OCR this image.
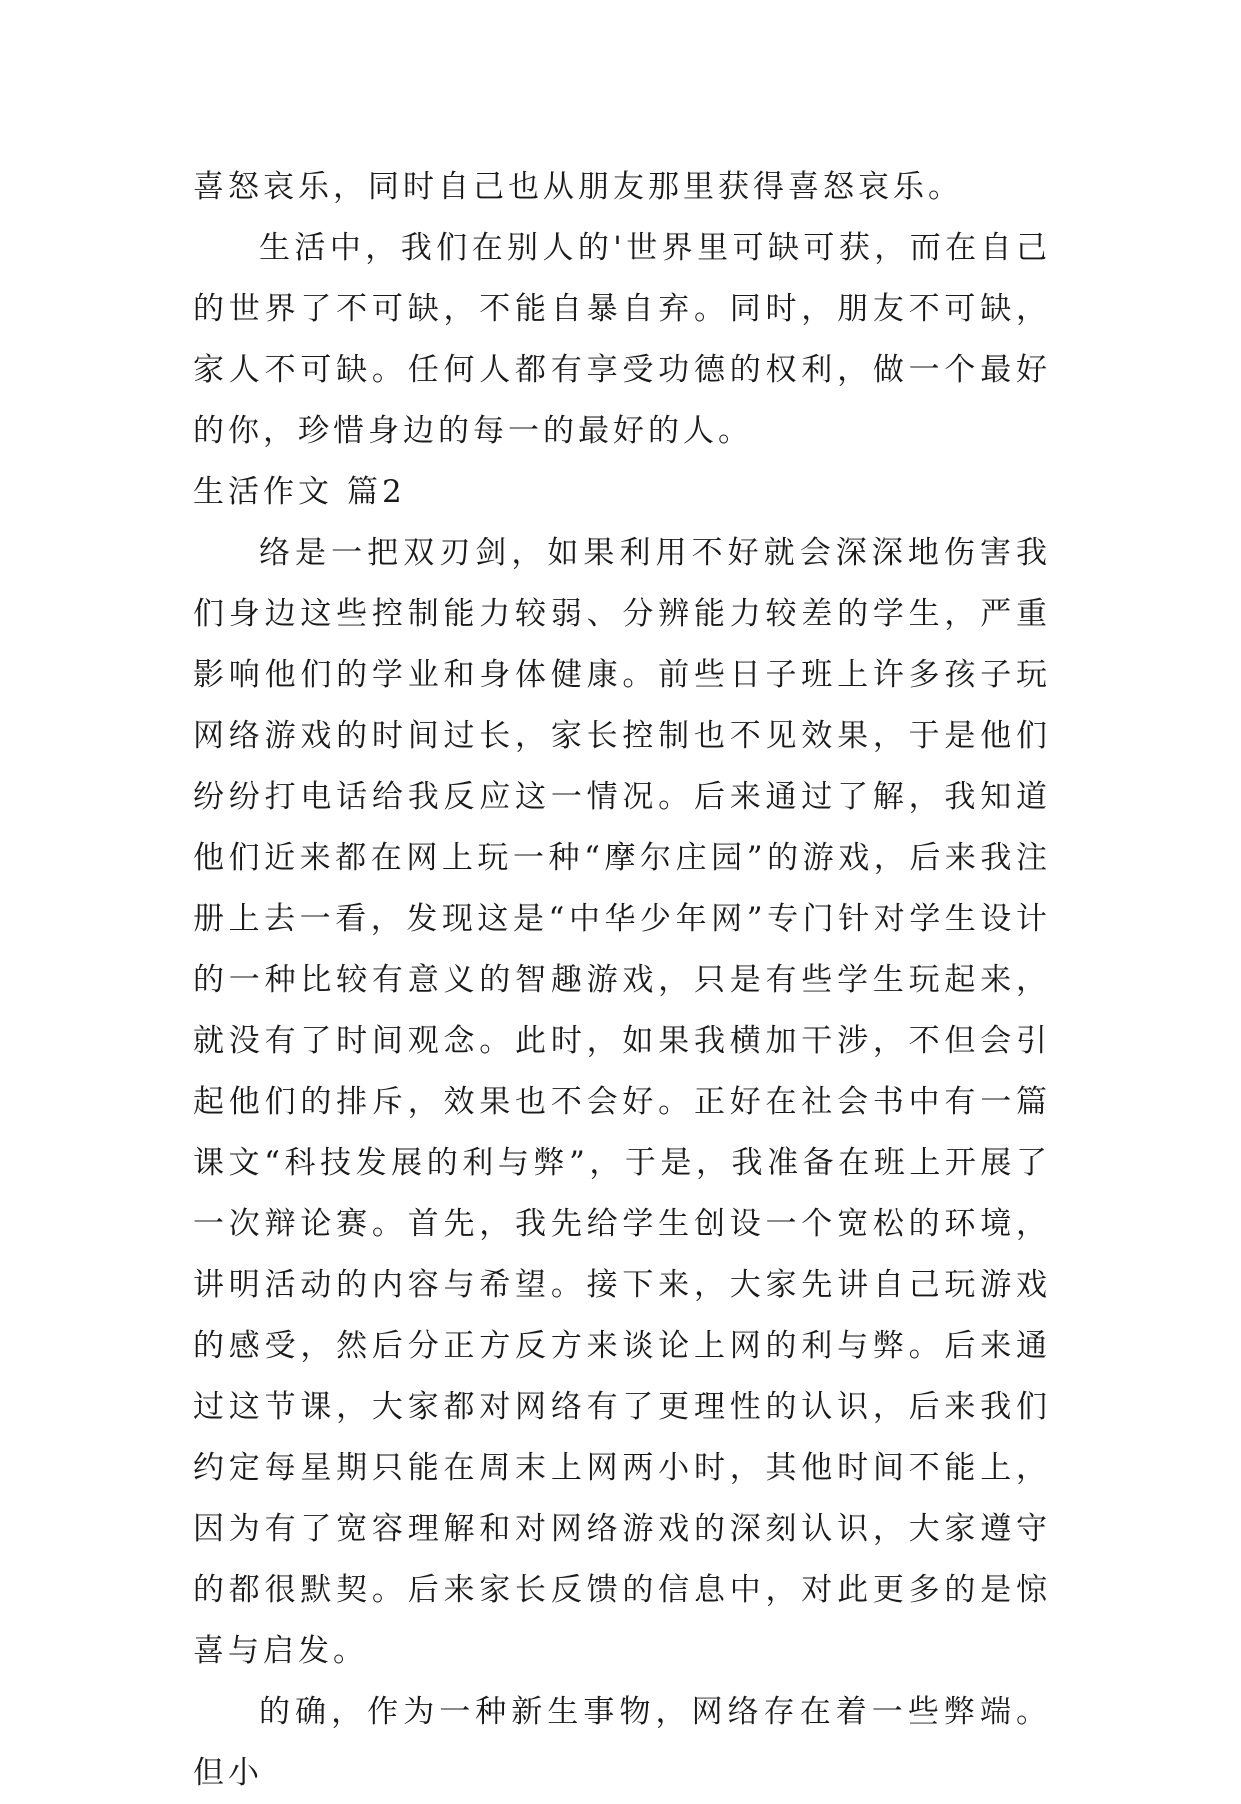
喜怒哀乐，同时自己也从朋友那里获得喜怒哀乐。

生活中，我们在别人的'世界里可缺可获，而在自己的世界了不可缺，不能自暴自弃。同时，朋友不可缺，家人不可缺。任何人都有享受功德的权利，做一个最好的你，珍惜身边的每一的最好的人。

生活作文 篇2

络是一把双刃剑，如果利用不好就会深深地伤害我们身边这些控制能力较弱、分辨能力较差的学生，严重影响他们的学业和身体健康。前些日子班上许多孩子玩网络游戏的时间过长，家长控制也不见效果，于是他们纷纷打电话给我反应这一情况。后来通过了解，我知道他们近来都在网上玩一种“摩尔庄园”的游戏，后来我注册上去一看，发现这是“中华少年网”专门针对学生设计的一种比较有意义的智趣游戏，只是有些学生玩起来，就没有了时间观念。此时，如果我横加干涉，不但会引起他们的排斥，效果也不会好。正好在社会书中有一篇课文“科技发展的利与弊”，于是，我准备在班上开展了一次辩论赛。首先，我先给学生创设一个宽松的环境，讲明活动的内容与希望。接下来，大家先讲自己玩游戏的感受，然后分正方反方来谈论上网的利与弊。后来通过这节课，大家都对网络有了更理性的认识，后来我们约定每星期只能在周末上网两小时，其他时间不能上，因为有了宽容理解和对网络游戏的深刻认识，大家遵守的都很默契。后来家长反馈的信息中，对此更多的是惊喜与启发。

的确，作为一种新生事物，网络存在着一些弊端。但小
